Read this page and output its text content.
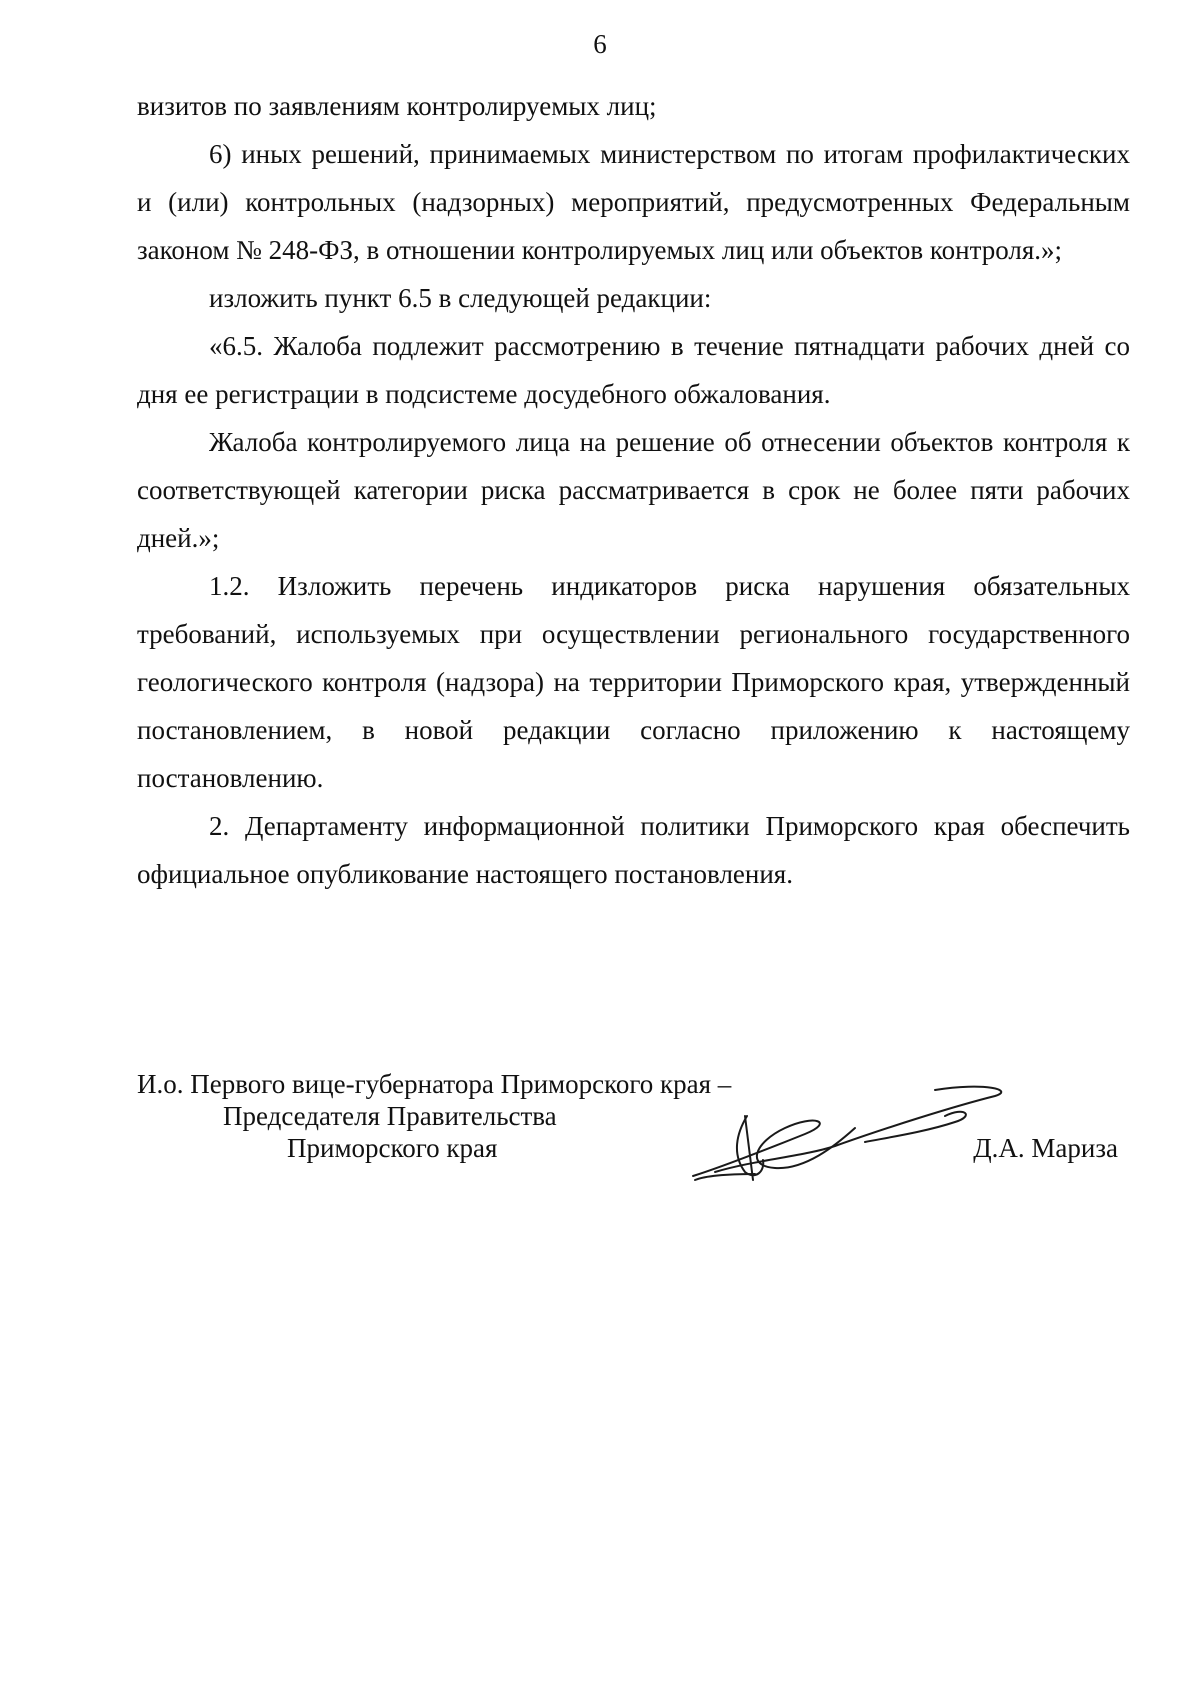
6

визитов по заявлениям контролируемых лиц;

6) иных решений, принимаемых министерством по итогам профилактических и (или) контрольных (надзорных) мероприятий, предусмотренных Федеральным законом № 248-ФЗ, в отношении контролируемых лиц или объектов контроля.»;

изложить пункт 6.5 в следующей редакции:

«6.5. Жалоба подлежит рассмотрению в течение пятнадцати рабочих дней со дня ее регистрации в подсистеме досудебного обжалования.

Жалоба контролируемого лица на решение об отнесении объектов контроля к соответствующей категории риска рассматривается в срок не более пяти рабочих дней.»;

1.2. Изложить перечень индикаторов риска нарушения обязательных требований, используемых при осуществлении регионального государственного геологического контроля (надзора) на территории Приморского края, утвержденный постановлением, в новой редакции согласно приложению к настоящему постановлению.

2. Департаменту информационной политики Приморского края обеспечить официальное опубликование настоящего постановления.

И.о. Первого вице-губернатора Приморского края –
Председателя Правительства
Приморского края	Д.А. Мариза
